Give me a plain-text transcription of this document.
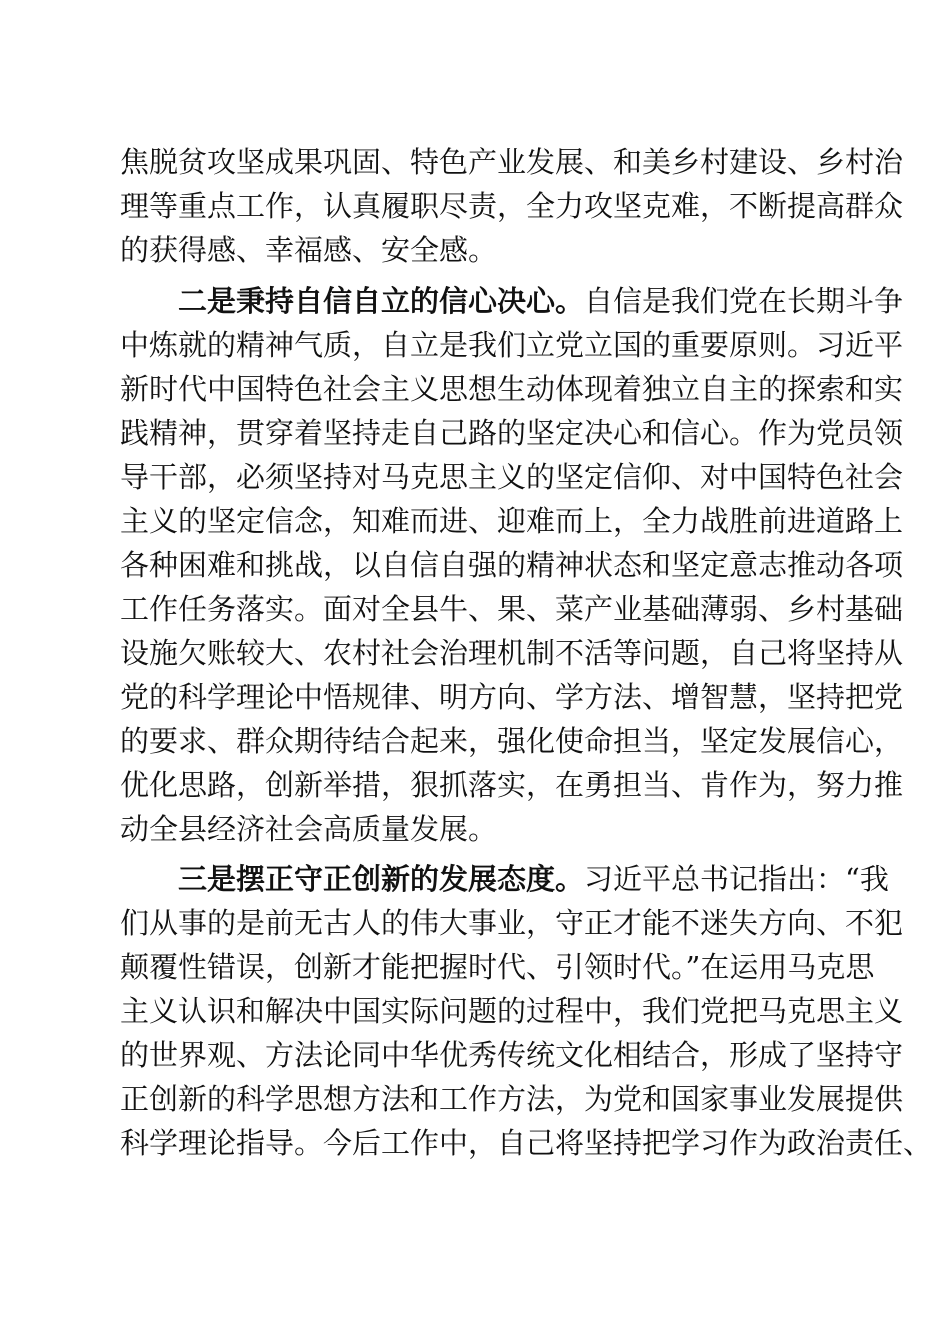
焦脱贫攻坚成果巩固、特色产业发展、和美乡村建设、乡村治
理等重点工作，认真履职尽责，全力攻坚克难，不断提高群众
的获得感、幸福感、安全感。
二是秉持自信自立的信心决心。自信是我们党在长期斗争
中炼就的精神气质，自立是我们立党立国的重要原则。习近平
新时代中国特色社会主义思想生动体现着独立自主的探索和实
践精神，贯穿着坚持走自己路的坚定决心和信心。作为党员领
导干部，必须坚持对马克思主义的坚定信仰、对中国特色社会
主义的坚定信念，知难而进、迎难而上，全力战胜前进道路上
各种困难和挑战，以自信自强的精神状态和坚定意志推动各项
工作任务落实。面对全县牛、果、菜产业基础薄弱、乡村基础
设施欠账较大、农村社会治理机制不活等问题，自己将坚持从
党的科学理论中悟规律、明方向、学方法、增智慧，坚持把党
的要求、群众期待结合起来，强化使命担当，坚定发展信心，
优化思路，创新举措，狠抓落实，在勇担当、肯作为，努力推
动全县经济社会高质量发展。
三是摆正守正创新的发展态度。习近平总书记指出：“我
们从事的是前无古人的伟大事业，守正才能不迷失方向、不犯
颠覆性错误，创新才能把握时代、引领时代。”在运用马克思
主义认识和解决中国实际问题的过程中，我们党把马克思主义
的世界观、方法论同中华优秀传统文化相结合，形成了坚持守
正创新的科学思想方法和工作方法，为党和国家事业发展提供
科学理论指导。今后工作中，自己将坚持把学习作为政治责任、
